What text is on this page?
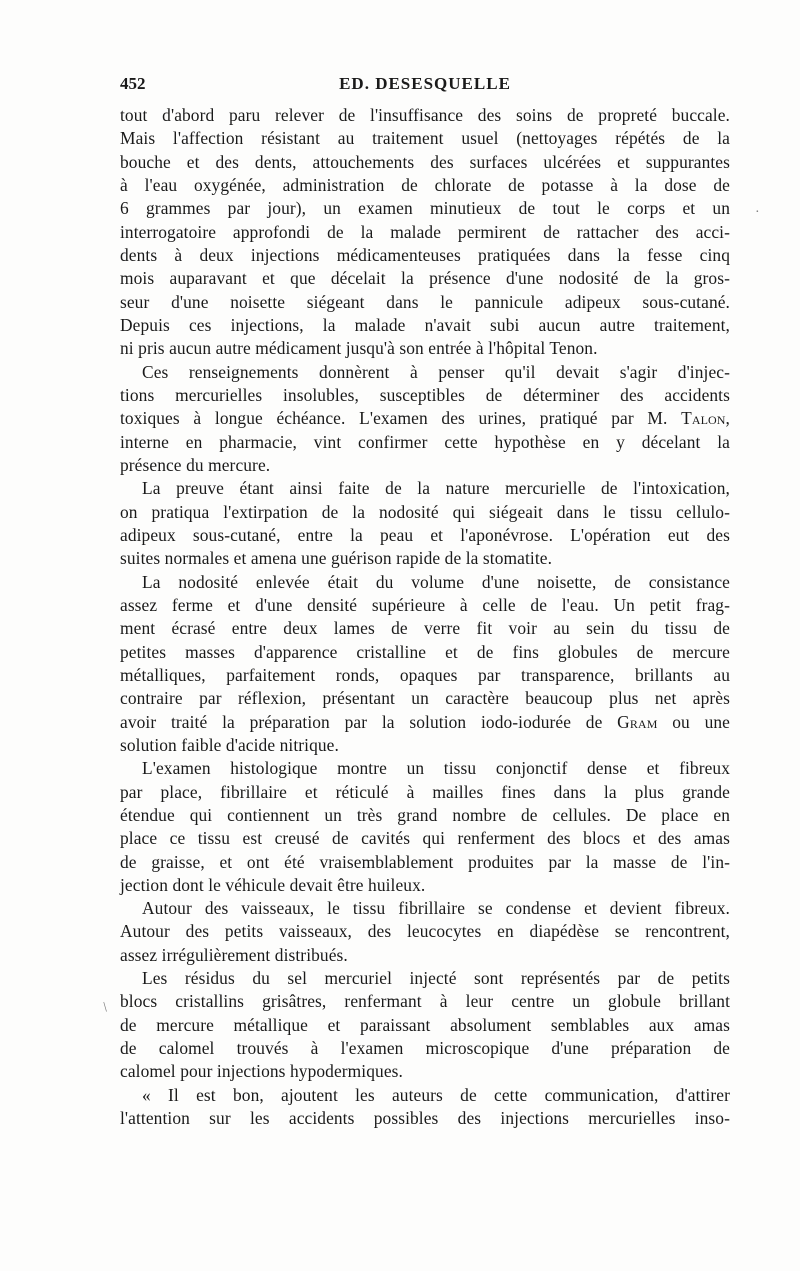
452	ED. DESESQUELLE
tout d'abord paru relever de l'insuffisance des soins de propreté buccale.
Mais l'affection résistant au traitement usuel (nettoyages répétés de la
bouche et des dents, attouchements des surfaces ulcérées et suppurantes
à l'eau oxygénée, administration de chlorate de potasse à la dose de
6 grammes par jour), un examen minutieux de tout le corps et un
interrogatoire approfondi de la malade permirent de rattacher des acci-
dents à deux injections médicamenteuses pratiquées dans la fesse cinq
mois auparavant et que décelait la présence d'une nodosité de la gros-
seur d'une noisette siégeant dans le pannicule adipeux sous-cutané.
Depuis ces injections, la malade n'avait subi aucun autre traitement,
ni pris aucun autre médicament jusqu'à son entrée à l'hôpital Tenon.
Ces renseignements donnèrent à penser qu'il devait s'agir d'injec-
tions mercurielles insolubles, susceptibles de déterminer des accidents
toxiques à longue échéance. L'examen des urines, pratiqué par M. Talon,
interne en pharmacie, vint confirmer cette hypothèse en y décelant la
présence du mercure.
La preuve étant ainsi faite de la nature mercurielle de l'intoxication,
on pratiqua l'extirpation de la nodosité qui siégeait dans le tissu cellulo-
adipeux sous-cutané, entre la peau et l'aponévrose. L'opération eut des
suites normales et amena une guérison rapide de la stomatite.
La nodosité enlevée était du volume d'une noisette, de consistance
assez ferme et d'une densité supérieure à celle de l'eau. Un petit frag-
ment écrasé entre deux lames de verre fit voir au sein du tissu de
petites masses d'apparence cristalline et de fins globules de mercure
métalliques, parfaitement ronds, opaques par transparence, brillants au
contraire par réflexion, présentant un caractère beaucoup plus net après
avoir traité la préparation par la solution iodo-iodurée de Gram ou une
solution faible d'acide nitrique.
L'examen histologique montre un tissu conjonctif dense et fibreux
par place, fibrillaire et réticulé à mailles fines dans la plus grande
étendue qui contiennent un très grand nombre de cellules. De place en
place ce tissu est creusé de cavités qui renferment des blocs et des amas
de graisse, et ont été vraisemblablement produites par la masse de l'in-
jection dont le véhicule devait être huileux.
Autour des vaisseaux, le tissu fibrillaire se condense et devient fibreux.
Autour des petits vaisseaux, des leucocytes en diapédèse se rencontrent,
assez irrégulièrement distribués.
Les résidus du sel mercuriel injecté sont représentés par de petits
blocs cristallins grisâtres, renfermant à leur centre un globule brillant
de mercure métallique et paraissant absolument semblables aux amas
de calomel trouvés à l'examen microscopique d'une préparation de
calomel pour injections hypodermiques.
« Il est bon, ajoutent les auteurs de cette communication, d'attirer
l'attention sur les accidents possibles des injections mercurielles inso-
·
/
